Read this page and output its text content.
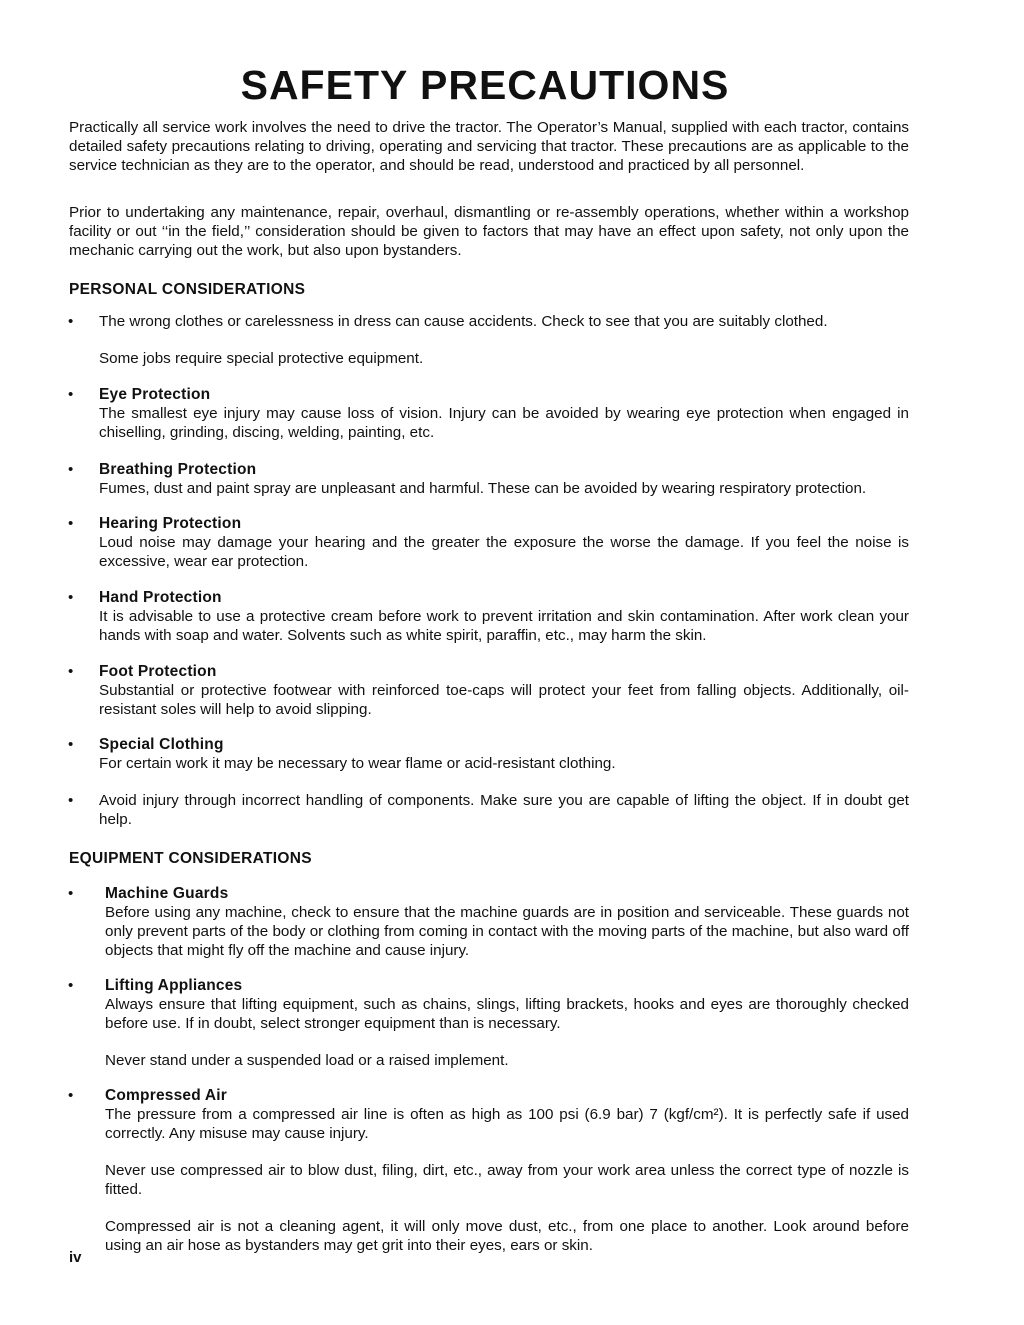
SAFETY PRECAUTIONS

Practically all service work involves the need to drive the tractor. The Operator’s Manual, supplied with each tractor, contains detailed safety precautions relating to driving, operating and servicing that tractor. These precautions are as applicable to the service technician as they are to the operator, and should be read, understood and practiced by all personnel.

Prior to undertaking any maintenance, repair, overhaul, dismantling or re-assembly operations, whether within a workshop facility or out ‘‘in the field,’’ consideration should be given to factors that may have an effect upon safety, not only upon the mechanic carrying out the work, but also upon bystanders.

PERSONAL CONSIDERATIONS
• The wrong clothes or carelessness in dress can cause accidents. Check to see that you are suitably clothed.

Some jobs require special protective equipment.

• Eye Protection

The smallest eye injury may cause loss of vision. Injury can be avoided by wearing eye protection when engaged in chiselling, grinding, discing, welding, painting, etc.

• Breathing Protection

Fumes, dust and paint spray are unpleasant and harmful. These can be avoided by wearing respiratory protection.

• Hearing Protection

Loud noise may damage your hearing and the greater the exposure the worse the damage. If you feel the noise is excessive, wear ear protection.

• Hand Protection

It is advisable to use a protective cream before work to prevent irritation and skin contamination. After work clean your hands with soap and water. Solvents such as white spirit, paraffin, etc., may harm the skin.

• Foot Protection

Substantial or protective footwear with reinforced toe-caps will protect your feet from falling objects. Additionally, oil-resistant soles will help to avoid slipping.

• Special Clothing

For certain work it may be necessary to wear flame or acid-resistant clothing.

• Avoid injury through incorrect handling of components. Make sure you are capable of lifting the object. If in doubt get help.

EQUIPMENT CONSIDERATIONS
• Machine Guards

Before using any machine, check to ensure that the machine guards are in position and serviceable. These guards not only prevent parts of the body or clothing from coming in contact with the moving parts of the machine, but also ward off objects that might fly off the machine and cause injury.

• Lifting Appliances

Always ensure that lifting equipment, such as chains, slings, lifting brackets, hooks and eyes are thoroughly checked before use. If in doubt, select stronger equipment than is necessary.

Never stand under a suspended load or a raised implement.

• Compressed Air

The pressure from a compressed air line is often as high as 100 psi (6.9 bar) 7 (kgf/cm²). It is perfectly safe if used correctly. Any misuse may cause injury.

Never use compressed air to blow dust, filing, dirt, etc., away from your work area unless the correct type of nozzle is fitted.

Compressed air is not a cleaning agent, it will only move dust, etc., from one place to another. Look around before using an air hose as bystanders may get grit into their eyes, ears or skin.

iv
